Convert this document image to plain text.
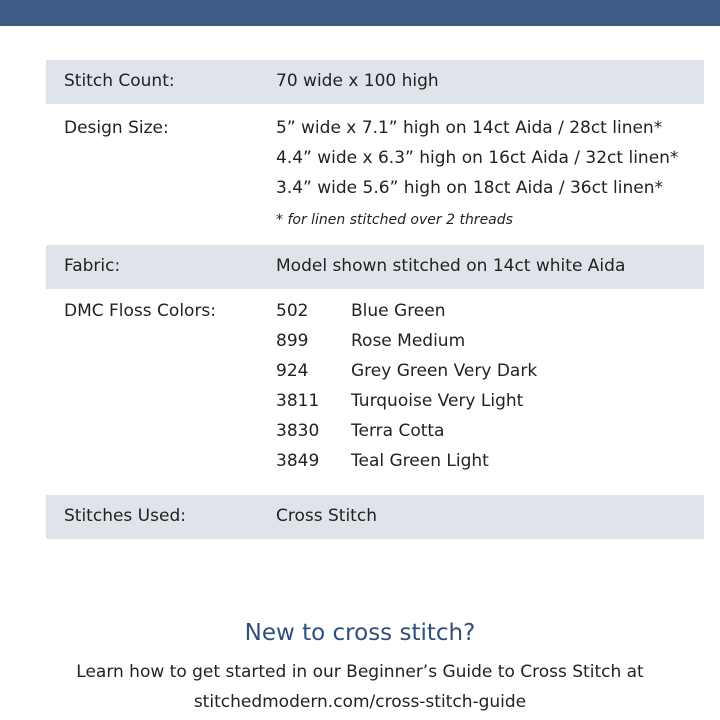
Stitch Count:	70 wide x 100 high
Design Size:	5” wide x 7.1” high on 14ct Aida / 28ct linen*
4.4” wide x 6.3” high on 16ct Aida / 32ct linen*
3.4” wide 5.6” high on 18ct Aida / 36ct linen*
* for linen stitched over 2 threads
Fabric:	Model shown stitched on 14ct white Aida
DMC Floss Colors:	502	Blue Green
899	Rose Medium
924	Grey Green Very Dark
3811 Turquoise Very Light
3830 Terra Cotta
3849 Teal Green Light
Stitches Used:	Cross Stitch
New to cross stitch?
Learn how to get started in our Beginner’s Guide to Cross Stitch at
stitchedmodern.com/cross-stitch-guide
